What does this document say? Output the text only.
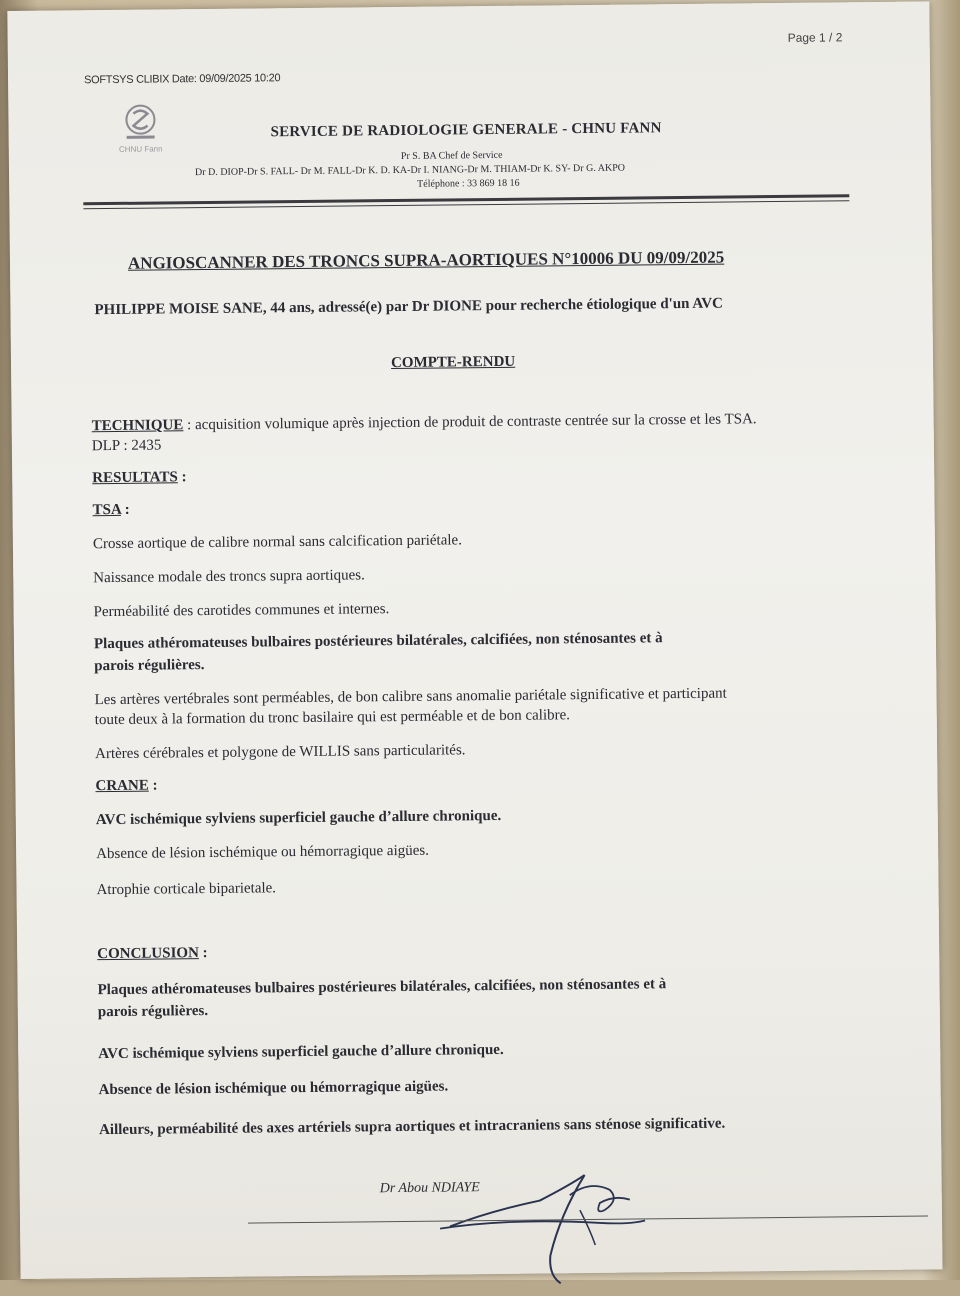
Page 1 / 2
SOFTSYS CLIBIX Date: 09/09/2025 10:20
CHNU Fann
SERVICE DE RADIOLOGIE GENERALE - CHNU FANN
Pr S. BA Chef de Service
Dr D. DIOP-Dr S. FALL- Dr M. FALL-Dr K. D. KA-Dr I. NIANG-Dr M. THIAM-Dr K. SY- Dr G. AKPO
Téléphone : 33 869 18 16
ANGIOSCANNER DES TRONCS SUPRA-AORTIQUES N°10006 DU 09/09/2025
PHILIPPE MOISE SANE, 44 ans, adressé(e) par Dr DIONE pour recherche étiologique d'un AVC
COMPTE-RENDU
TECHNIQUE : acquisition volumique après injection de produit de contraste centrée sur la crosse et les TSA.
DLP : 2435
RESULTATS :
TSA :
Crosse aortique de calibre normal sans calcification pariétale.
Naissance modale des troncs supra aortiques.
Perméabilité des carotides communes et internes.
Plaques athéromateuses bulbaires postérieures bilatérales, calcifiées, non sténosantes et à
parois régulières.
Les artères vertébrales sont perméables, de bon calibre sans anomalie pariétale significative et participant
toute deux à la formation du tronc basilaire qui est perméable et de bon calibre.
Artères cérébrales et polygone de WILLIS sans particularités.
CRANE :
AVC ischémique sylviens superficiel gauche d’allure chronique.
Absence de lésion ischémique ou hémorragique aigües.
Atrophie corticale biparietale.
CONCLUSION :
Plaques athéromateuses bulbaires postérieures bilatérales, calcifiées, non sténosantes et à
parois régulières.
AVC ischémique sylviens superficiel gauche d’allure chronique.
Absence de lésion ischémique ou hémorragique aigües.
Ailleurs, perméabilité des axes artériels supra aortiques et intracraniens sans sténose significative.
Dr Abou NDIAYE
